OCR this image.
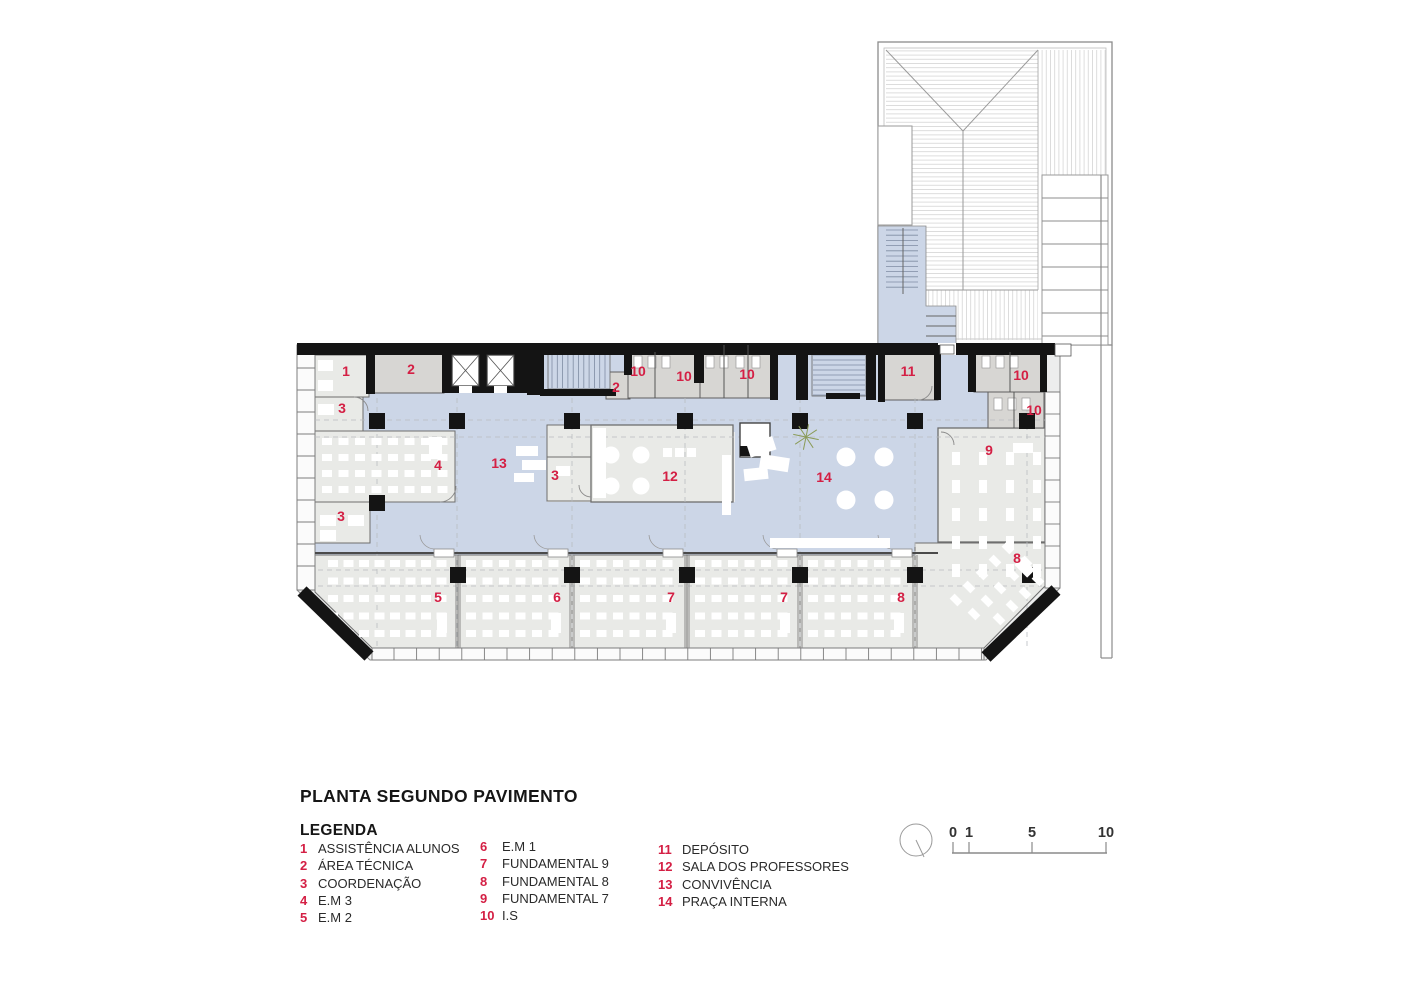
1	2
3
2
10 10	10	11	10
10
4	13
3	12	14
9
3
5	6	7	7	8
8
0 1	5	10
PLANTA SEGUNDO PAVIMENTO
LEGENDA
1 ASSISTÊNCIA ALUNOS
2 ÁREA TÉCNICA
3 COORDENAÇÃO
4 E.M 3
5 E.M 2
6	E.M 1
7	FUNDAMENTAL 9
8	FUNDAMENTAL 8
9	FUNDAMENTAL 7
10 I.S
11 DEPÓSITO
12 SALA DOS PROFESSORES
13 CONVIVÊNCIA
14 PRAÇA INTERNA
